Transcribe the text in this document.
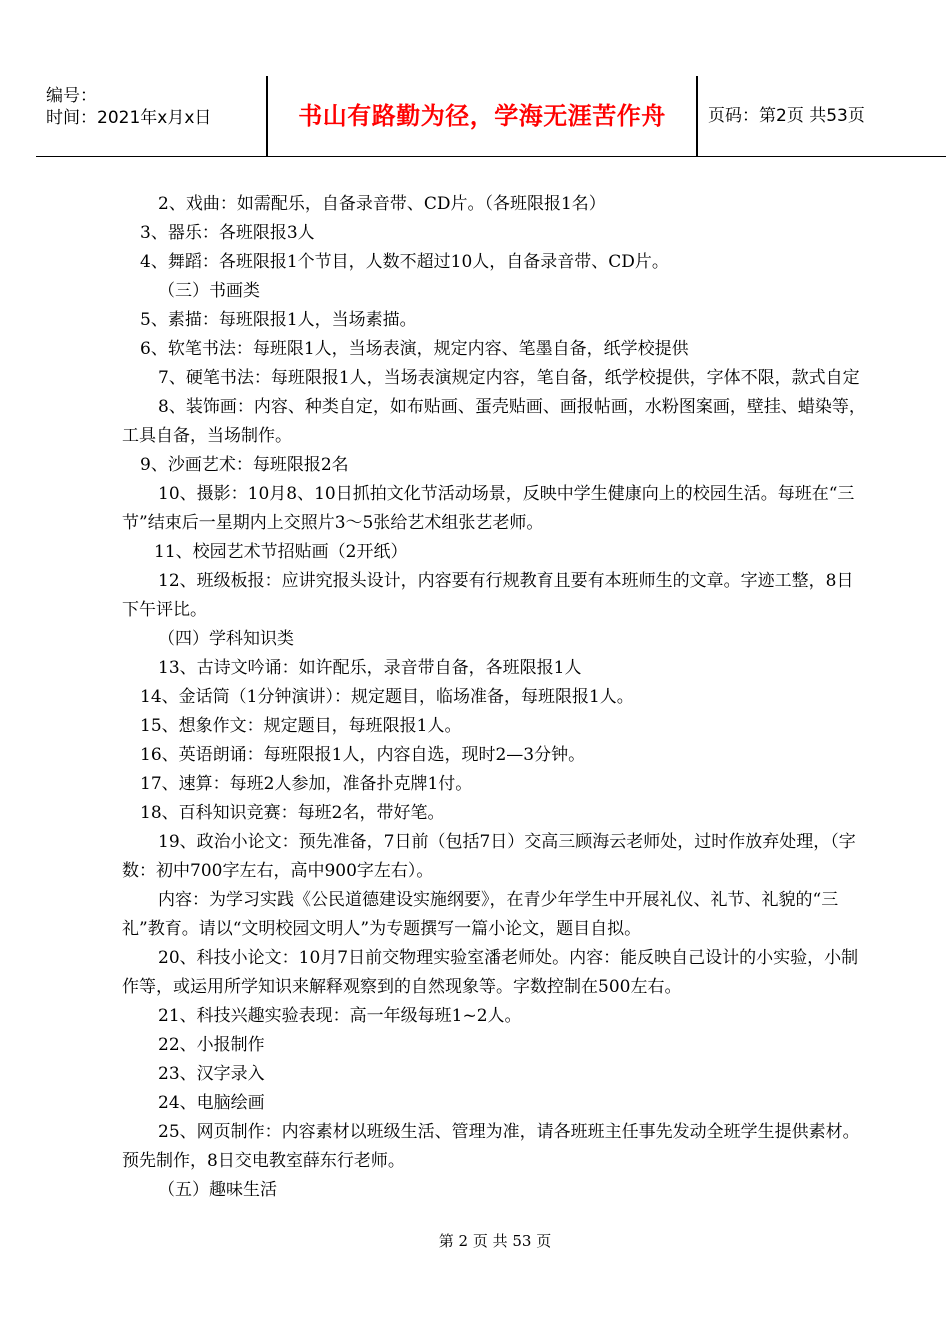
编号：
时间：2021年x月x日	书山有路勤为径，学海无涯苦作舟	页码：第2页 共53页

2、戏曲：如需配乐，自备录音带、CD片。（各班限报1名）

3、器乐：各班限报3人

4、舞蹈：各班限报1个节目，人数不超过10人，自备录音带、CD片。

（三）书画类

5、素描：每班限报1人，当场素描。

6、软笔书法：每班限1人，当场表演，规定内容、笔墨自备，纸学校提供

7、硬笔书法：每班限报1人，当场表演规定内容，笔自备，纸学校提供，字体不限，款式自定

8、装饰画：内容、种类自定，如布贴画、蛋壳贴画、画报帖画，水粉图案画，壁挂、蜡染等，工具自备，当场制作。

9、沙画艺术：每班限报2名

10、摄影：10月8、10日抓拍文化节活动场景，反映中学生健康向上的校园生活。每班在“三节”结束后一星期内上交照片3～5张给艺术组张艺老师。

11、校园艺术节招贴画（2开纸）

12、班级板报：应讲究报头设计，内容要有行规教育且要有本班师生的文章。字迹工整，8日下午评比。

（四）学科知识类

13、古诗文吟诵：如许配乐，录音带自备，各班限报1人

14、金话筒（1分钟演讲）：规定题目，临场准备，每班限报1人。

15、想象作文：规定题目，每班限报1人。

16、英语朗诵：每班限报1人，内容自选，现时2—3分钟。

17、速算：每班2人参加，准备扑克牌1付。

18、百科知识竞赛：每班2名，带好笔。

19、政治小论文：预先准备，7日前（包括7日）交高三顾海云老师处，过时作放弃处理，（字数：初中700字左右，高中900字左右）。

内容：为学习实践《公民道德建设实施纲要》，在青少年学生中开展礼仪、礼节、礼貌的“三礼”教育。请以“文明校园文明人”为专题撰写一篇小论文，题目自拟。

20、科技小论文：10月7日前交物理实验室潘老师处。内容：能反映自己设计的小实验，小制作等，或运用所学知识来解释观察到的自然现象等。字数控制在500左右。

21、科技兴趣实验表现：高一年级每班1~2人。

22、小报制作

23、汉字录入

24、电脑绘画

25、网页制作：内容素材以班级生活、管理为准，请各班班主任事先发动全班学生提供素材。预先制作，8日交电教室薛东行老师。

（五）趣味生活

第 2 页 共 53 页
